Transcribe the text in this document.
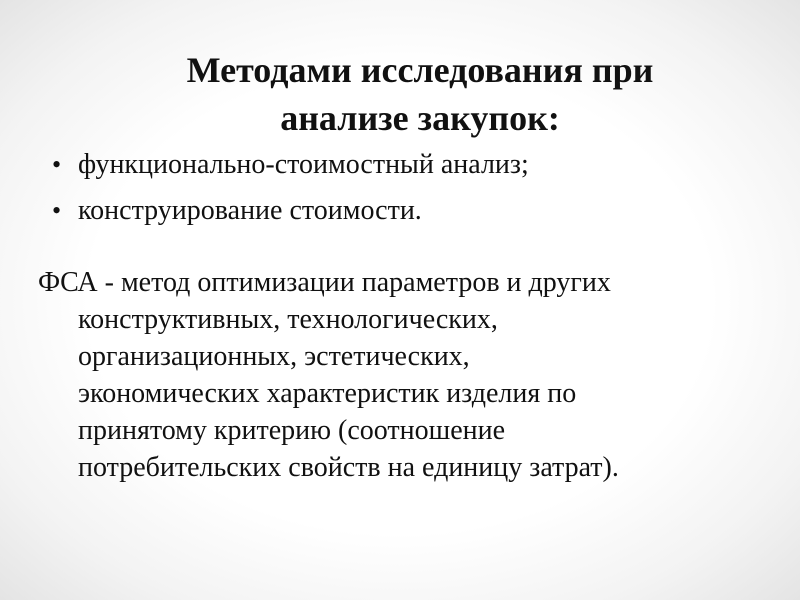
Методами исследования при
анализе закупок:
• функционально-стоимостный анализ;
• конструирование стоимости.

ФСА - метод оптимизации параметров и других
конструктивных, технологических,
организационных, эстетических,
экономических характеристик изделия по
принятому критерию (соотношение
потребительских свойств на единицу затрат).
